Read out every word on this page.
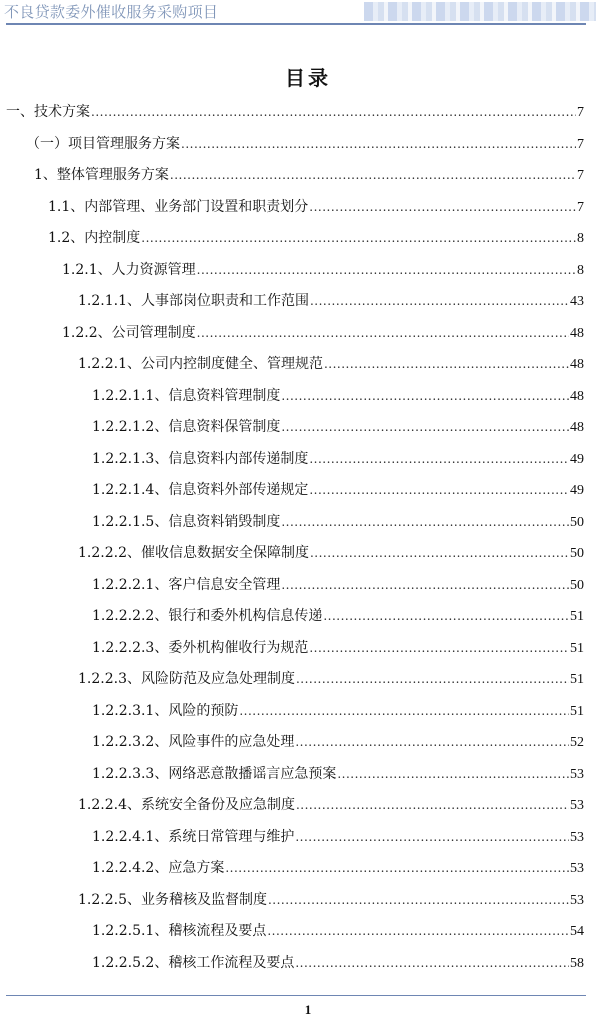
不良贷款委外催收服务采购项目
目录
一、技术方案 .....	7
（一）项目管理服务方案 .....	7
1、整体管理服务方案 .....	7
1.1、内部管理、业务部门设置和职责划分 .....	7
1.2、内控制度 .....	8
1.2.1、人力资源管理 .....	8
1.2.1.1、人事部岗位职责和工作范围 .....	43
1.2.2、公司管理制度 .....	48
1.2.2.1、公司内控制度健全、管理规范 .....	48
1.2.2.1.1、信息资料管理制度 .....	48
1.2.2.1.2、信息资料保管制度 .....	48
1.2.2.1.3、信息资料内部传递制度 .....	49
1.2.2.1.4、信息资料外部传递规定 .....	49
1.2.2.1.5、信息资料销毁制度 .....	50
1.2.2.2、催收信息数据安全保障制度 .....	50
1.2.2.2.1、客户信息安全管理 .....	50
1.2.2.2.2、银行和委外机构信息传递 .....	51
1.2.2.2.3、委外机构催收行为规范 .....	51
1.2.2.3、风险防范及应急处理制度 .....	51
1.2.2.3.1、风险的预防 .....	51
1.2.2.3.2、风险事件的应急处理 .....	52
1.2.2.3.3、网络恶意散播谣言应急预案 .....	53
1.2.2.4、系统安全备份及应急制度 .....	53
1.2.2.4.1、系统日常管理与维护 .....	53
1.2.2.4.2、应急方案 .....	53
1.2.2.5、业务稽核及监督制度 .....	53
1.2.2.5.1、稽核流程及要点 .....	54
1.2.2.5.2、稽核工作流程及要点 .....	58
1
